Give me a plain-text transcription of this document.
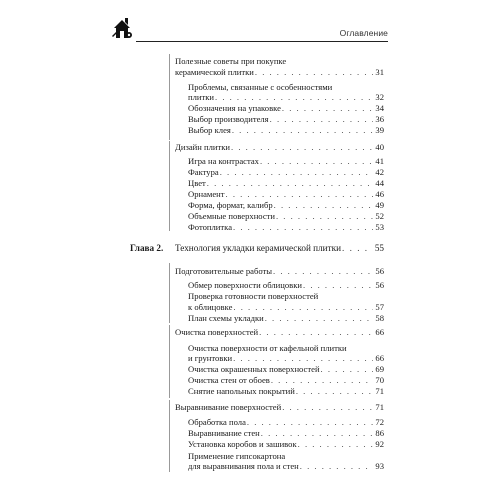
Оглавление
Полезные советы при покупке
керамической плитки . . .	31
Проблемы, связанные с особенностями
плитки . . .	32
Обозначения на упаковке . . .	34
Выбор производителя . . .	36
Выбор клея . . .	39
Дизайн плитки . . .	40
Игра на контрастах . . .	41
Фактура . . .	42
Цвет . . .	44
Орнамент . . .	46
Форма, формат, калибр . . .	49
Объемные поверхности . . .	52
Фотоплитка . . .	53
Глава 2. Технология укладки керамической плитки . . .	55
Подготовительные работы . . .	56
Обмер поверхности облицовки . . .	56
Проверка готовности поверхностей
к облицовке . . .	57
План схемы укладки . . .	58
Очистка поверхностей . . .	66
Очистка поверхности от кафельной плитки
и грунтовки . . .	66
Очистка окрашенных поверхностей . . .	69
Очистка стен от обоев . . .	70
Снятие напольных покрытий . . .	71
Выравнивание поверхностей . . .	71
Обработка пола . . .	72
Выравнивание стен . . .	86
Установка коробов и зашивок . . .	92
Применение гипсокартона
для выравнивания пола и стен . . .	93
